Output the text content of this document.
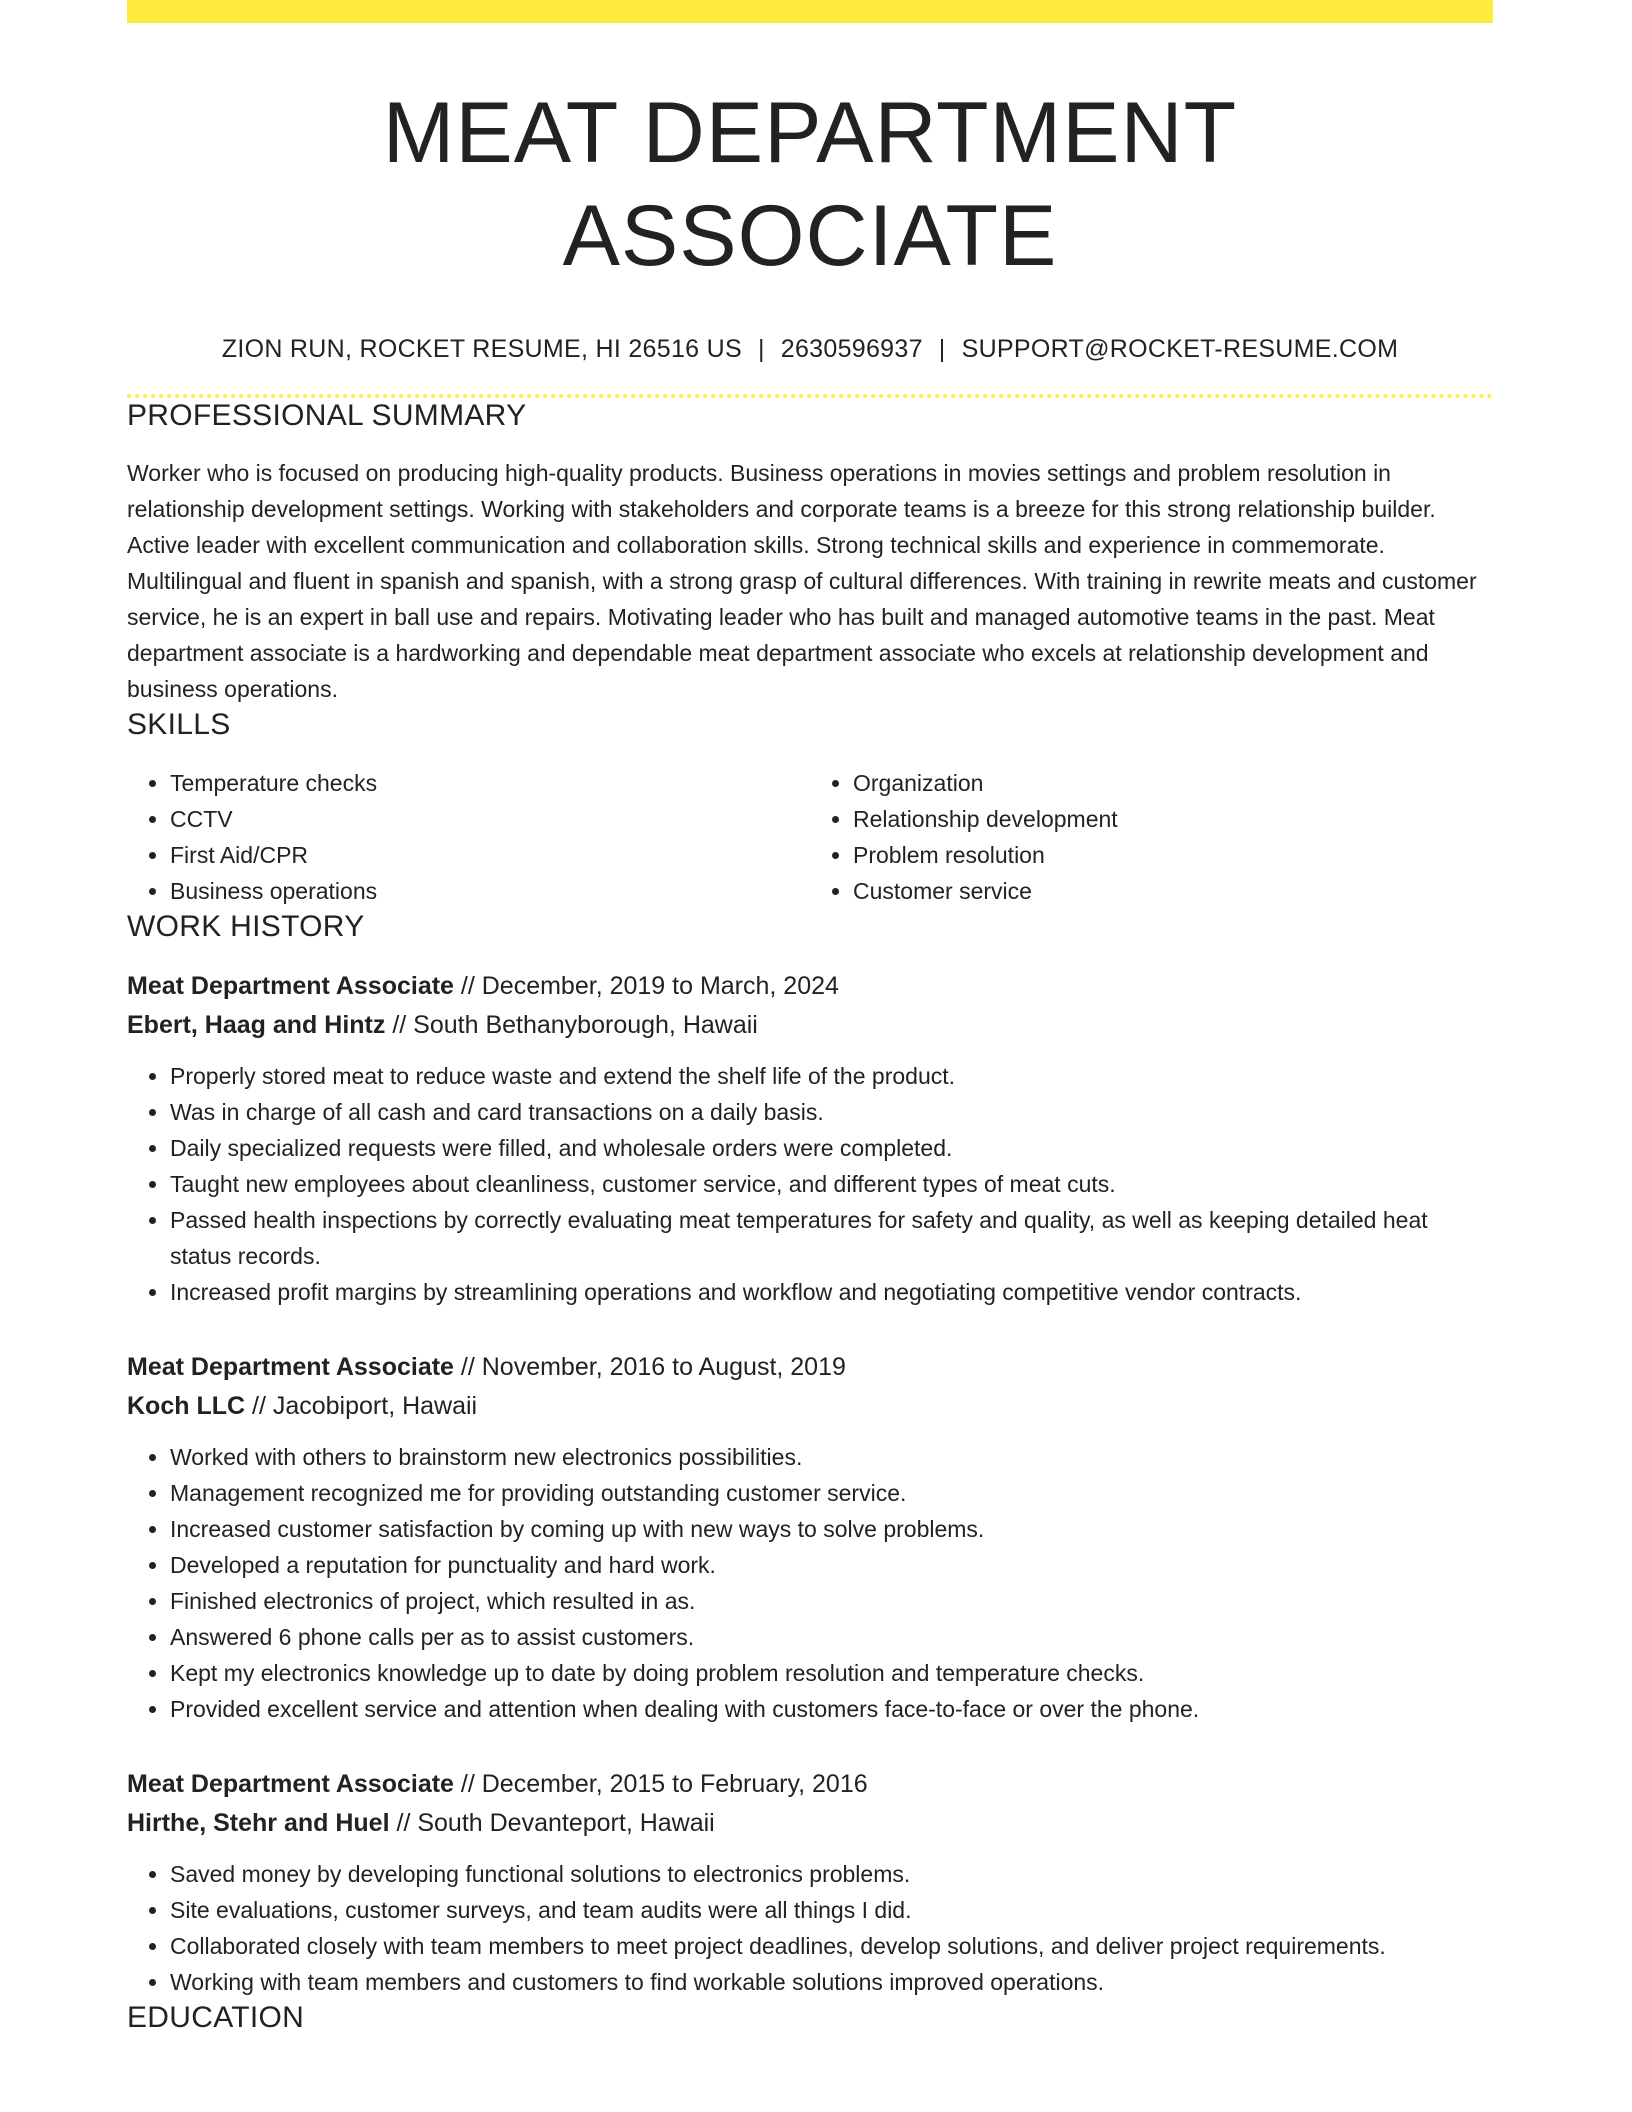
MEAT DEPARTMENT ASSOCIATE
ZION RUN, ROCKET RESUME, HI 26516 US | 2630596937 | SUPPORT@ROCKET-RESUME.COM
PROFESSIONAL SUMMARY

Worker who is focused on producing high-quality products. Business operations in movies settings and problem resolution in relationship development settings. Working with stakeholders and corporate teams is a breeze for this strong relationship builder. Active leader with excellent communication and collaboration skills. Strong technical skills and experience in commemorate. Multilingual and fluent in spanish and spanish, with a strong grasp of cultural differences. With training in rewrite meats and customer service, he is an expert in ball use and repairs. Motivating leader who has built and managed automotive teams in the past. Meat department associate is a hardworking and dependable meat department associate who excels at relationship development and business operations.

SKILLS
• Temperature checks
• CCTV
• First Aid/CPR
• Business operations
• Organization
• Relationship development
• Problem resolution
• Customer service
WORK HISTORY
Meat Department Associate // December, 2019 to March, 2024
Ebert, Haag and Hintz // South Bethanyborough, Hawaii
• Properly stored meat to reduce waste and extend the shelf life of the product.
• Was in charge of all cash and card transactions on a daily basis.
• Daily specialized requests were filled, and wholesale orders were completed.
• Taught new employees about cleanliness, customer service, and different types of meat cuts.
• Passed health inspections by correctly evaluating meat temperatures for safety and quality, as well as keeping detailed heat status records.
• Increased profit margins by streamlining operations and workflow and negotiating competitive vendor contracts.
Meat Department Associate // November, 2016 to August, 2019
Koch LLC // Jacobiport, Hawaii
• Worked with others to brainstorm new electronics possibilities.
• Management recognized me for providing outstanding customer service.
• Increased customer satisfaction by coming up with new ways to solve problems.
• Developed a reputation for punctuality and hard work.
• Finished electronics of project, which resulted in as.
• Answered 6 phone calls per as to assist customers.
• Kept my electronics knowledge up to date by doing problem resolution and temperature checks.
• Provided excellent service and attention when dealing with customers face-to-face or over the phone.
Meat Department Associate // December, 2015 to February, 2016
Hirthe, Stehr and Huel // South Devanteport, Hawaii
• Saved money by developing functional solutions to electronics problems.
• Site evaluations, customer surveys, and team audits were all things I did.
• Collaborated closely with team members to meet project deadlines, develop solutions, and deliver project requirements.
• Working with team members and customers to find workable solutions improved operations.
EDUCATION
